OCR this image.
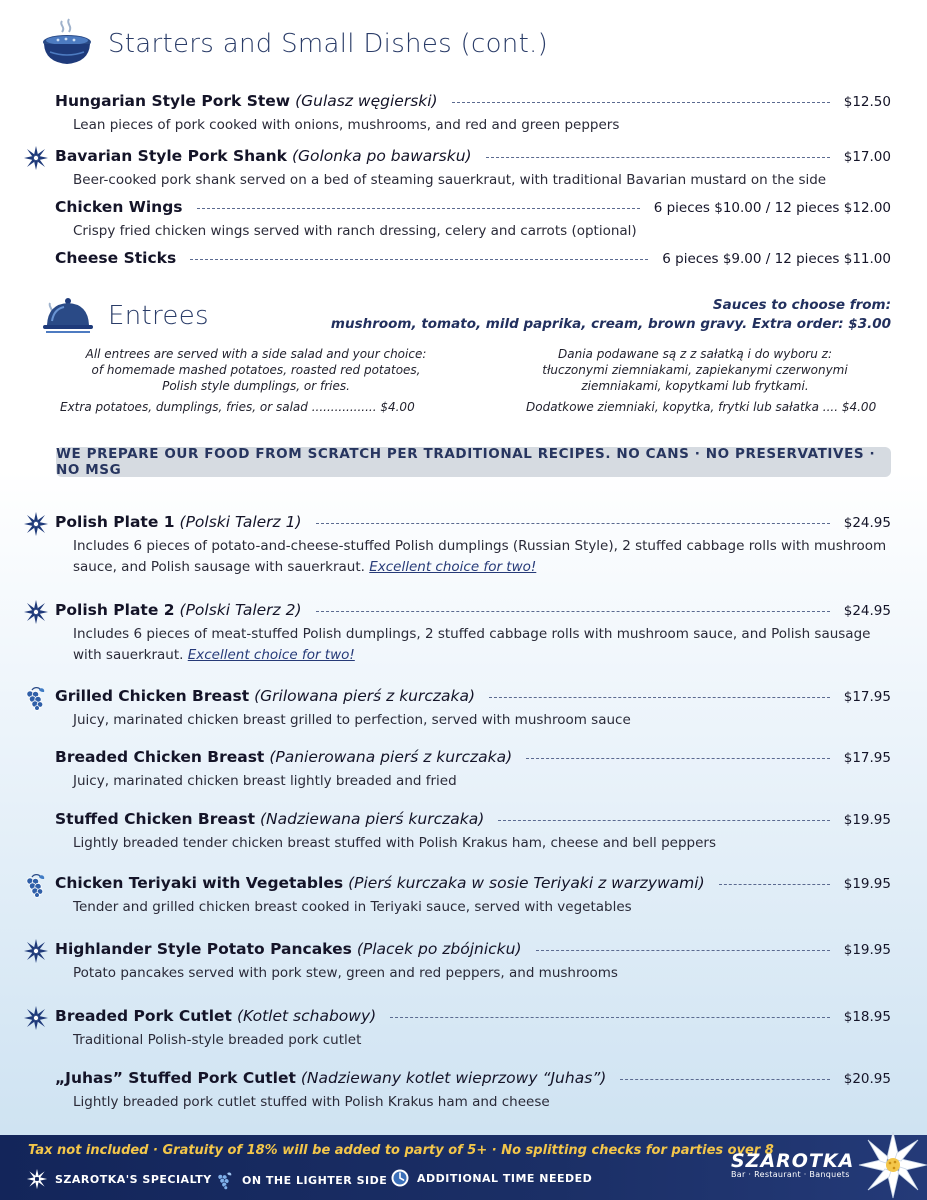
Starters and Small Dishes (cont.)
Hungarian Style Pork Stew (Gulasz węgierski)	$12.50
Lean pieces of pork cooked with onions, mushrooms, and red and green peppers
Bavarian Style Pork Shank (Golonka po bawarsku)	$17.00
Beer-cooked pork shank served on a bed of steaming sauerkraut, with traditional Bavarian mustard on the side
Chicken Wings	6 pieces $10.00 / 12 pieces $12.00
Crispy fried chicken wings served with ranch dressing, celery and carrots (optional)
Cheese Sticks	6 pieces $9.00 / 12 pieces $11.00
Entrees	Sauces to choose from:
mushroom, tomato, mild paprika, cream, brown gravy. Extra order: $3.00
All entrees are served with a side salad and your choice:
of homemade mashed potatoes, roasted red potatoes,
Polish style dumplings, or fries.
Extra potatoes, dumplings, fries, or salad ................. $4.00
Dania podawane są z z sałatką i do wyboru z:
tłuczonymi ziemniakami, zapiekanymi czerwonymi
ziemniakami, kopytkami lub frytkami.
Dodatkowe ziemniaki, kopytka, frytki lub sałatka .... $4.00
WE PREPARE OUR FOOD FROM SCRATCH PER TRADITIONAL RECIPES. NO CANS · NO PRESERVATIVES · NO MSG
Polish Plate 1 (Polski Talerz 1)	$24.95
Includes 6 pieces of potato-and-cheese-stuffed Polish dumplings (Russian Style), 2 stuffed cabbage rolls with mushroom sauce, and Polish sausage with sauerkraut. Excellent choice for two!
Polish Plate 2 (Polski Talerz 2)	$24.95
Includes 6 pieces of meat-stuffed Polish dumplings, 2 stuffed cabbage rolls with mushroom sauce, and Polish sausage with sauerkraut. Excellent choice for two!
Grilled Chicken Breast (Grilowana pierś z kurczaka)	$17.95
Juicy, marinated chicken breast grilled to perfection, served with mushroom sauce
Breaded Chicken Breast (Panierowana pierś z kurczaka)	$17.95
Juicy, marinated chicken breast lightly breaded and fried
Stuffed Chicken Breast (Nadziewana pierś kurczaka)	$19.95
Lightly breaded tender chicken breast stuffed with Polish Krakus ham, cheese and bell peppers
Chicken Teriyaki with Vegetables (Pierś kurczaka w sosie Teriyaki z warzywami)	$19.95
Tender and grilled chicken breast cooked in Teriyaki sauce, served with vegetables
Highlander Style Potato Pancakes (Placek po zbójnicku)	$19.95
Potato pancakes served with pork stew, green and red peppers, and mushrooms
Breaded Pork Cutlet (Kotlet schabowy)	$18.95
Traditional Polish-style breaded pork cutlet
„Juhas” Stuffed Pork Cutlet (Nadziewany kotlet wieprzowy “Juhas”)	$20.95
Lightly breaded pork cutlet stuffed with Polish Krakus ham and cheese
Tax not included · Gratuity of 18% will be added to party of 5+ · No splitting checks for parties over 8
SZAROTKA'S SPECIALTY	ON THE LIGHTER SIDE	ADDITIONAL TIME NEEDED
SZAROTKA
Bar · Restaurant · Banquets
